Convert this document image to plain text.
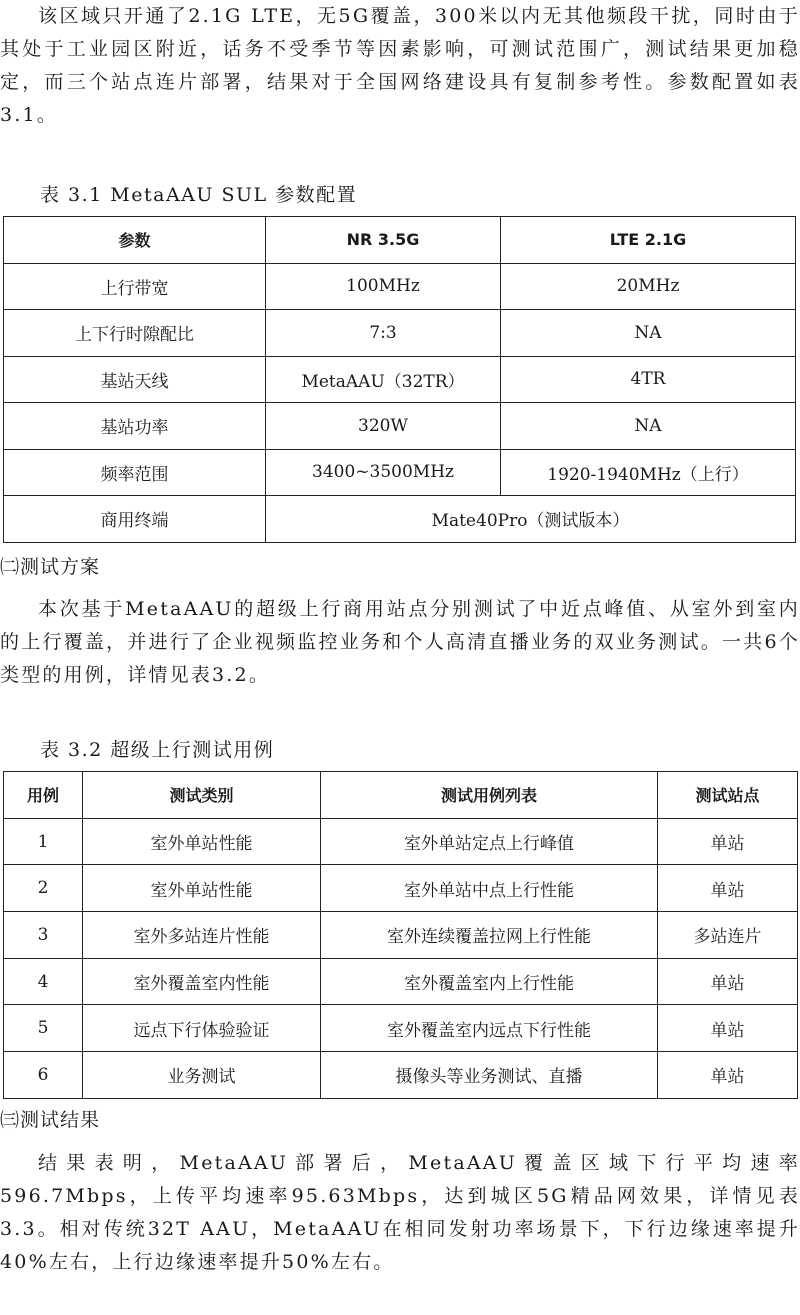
该区域只开通了2.1G LTE，无5G覆盖，300米以内无其他频段干扰，同时由于其处于工业园区附近，话务不受季节等因素影响，可测试范围广，测试结果更加稳定，而三个站点连片部署，结果对于全国网络建设具有复制参考性。参数配置如表3.1。

表 3.1 MetaAAU SUL 参数配置

参数	NR 3.5G	LTE 2.1G
上行带宽	100MHz	20MHz
上下行时隙配比	7:3	NA
基站天线	MetaAAU（32TR）	4TR
基站功率	320W	NA
频率范围	3400~3500MHz	1920-1940MHz（上行）
商用终端	Mate40Pro（测试版本）	

㈡测试方案

本次基于MetaAAU的超级上行商用站点分别测试了中近点峰值、从室外到室内的上行覆盖，并进行了企业视频监控业务和个人高清直播业务的双业务测试。一共6个类型的用例，详情见表3.2。

表 3.2 超级上行测试用例

用例	测试类别	测试用例列表	测试站点
1	室外单站性能	室外单站定点上行峰值	单站
2	室外单站性能	室外单站中点上行性能	单站
3	室外多站连片性能	室外连续覆盖拉网上行性能	多站连片
4	室外覆盖室内性能	室外覆盖室内上行性能	单站
5	远点下行体验验证	室外覆盖室内远点下行性能	单站
6	业务测试	摄像头等业务测试、直播	单站

㈢测试结果

结果表明，MetaAAU部署后，MetaAAU覆盖区域下行平均速率596.7Mbps，上传平均速率95.63Mbps，达到城区5G精品网效果，详情见表3.3。相对传统32T AAU，MetaAAU在相同发射功率场景下，下行边缘速率提升40%左右，上行边缘速率提升50%左右。
